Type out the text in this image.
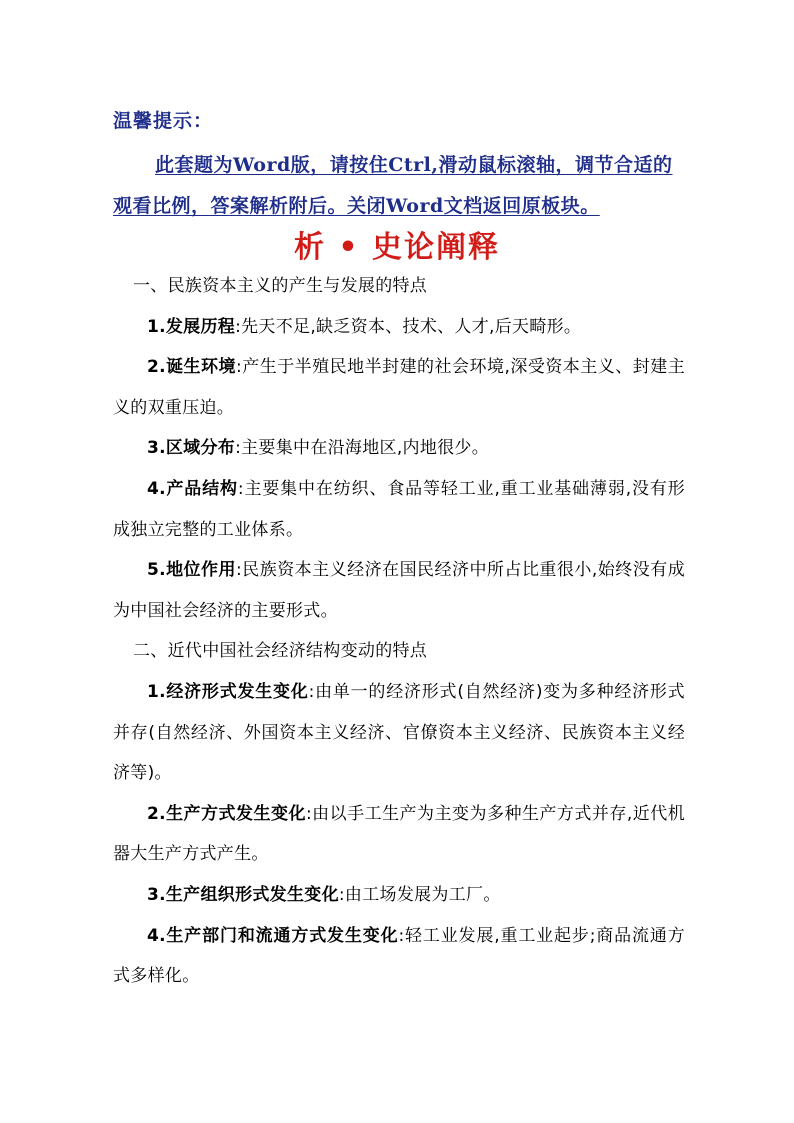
温馨提示：
此套题为Word版，请按住Ctrl,滑动鼠标滚轴，调节合适的观看比例，答案解析附后。关闭Word文档返回原板块。
析 • 史论阐释

一、民族资本主义的产生与发展的特点

1.发展历程:先天不足,缺乏资本、技术、人才,后天畸形。

2.诞生环境:产生于半殖民地半封建的社会环境,深受资本主义、封建主义的双重压迫。

3.区域分布:主要集中在沿海地区,内地很少。

4.产品结构:主要集中在纺织、食品等轻工业,重工业基础薄弱,没有形成独立完整的工业体系。

5.地位作用:民族资本主义经济在国民经济中所占比重很小,始终没有成为中国社会经济的主要形式。

二、近代中国社会经济结构变动的特点

1.经济形式发生变化:由单一的经济形式(自然经济)变为多种经济形式并存(自然经济、外国资本主义经济、官僚资本主义经济、民族资本主义经济等)。

2.生产方式发生变化:由以手工生产为主变为多种生产方式并存,近代机器大生产方式产生。

3.生产组织形式发生变化:由工场发展为工厂。

4.生产部门和流通方式发生变化:轻工业发展,重工业起步;商品流通方式多样化。
